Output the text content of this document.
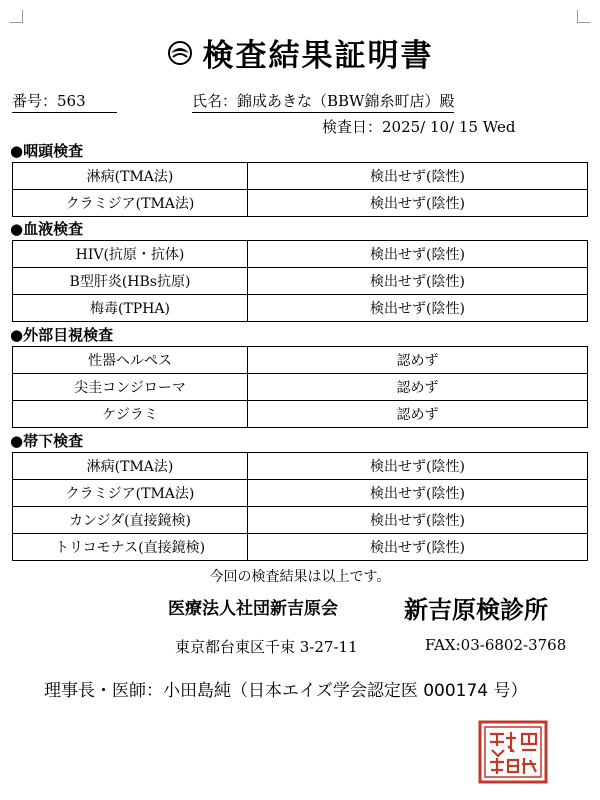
検査結果証明書
番号：563	氏名：錦成あきな（BBW錦糸町店）殿
検査日：2025/ 10/ 15 Wed
●咽頭検査
淋病(TMA法)	検出せず(陰性)
クラミジア(TMA法)	検出せず(陰性)
●血液検査
HIV(抗原・抗体)	検出せず(陰性)
B型肝炎(HBs抗原)	検出せず(陰性)
梅毒(TPHA)	検出せず(陰性)
●外部目視検査
性器ヘルペス	認めず
尖圭コンジローマ	認めず
ケジラミ	認めず
●帯下検査
淋病(TMA法)	検出せず(陰性)
クラミジア(TMA法)	検出せず(陰性)
カンジダ(直接鏡検)	検出せず(陰性)
トリコモナス(直接鏡検)	検出せず(陰性)
今回の検査結果は以上です。
医療法人社団新吉原会	新吉原検診所
東京都台東区千束 3-27-11	FAX:03-6802-3768
理事長・医師：小田島純（日本エイズ学会認定医 000174 号）
